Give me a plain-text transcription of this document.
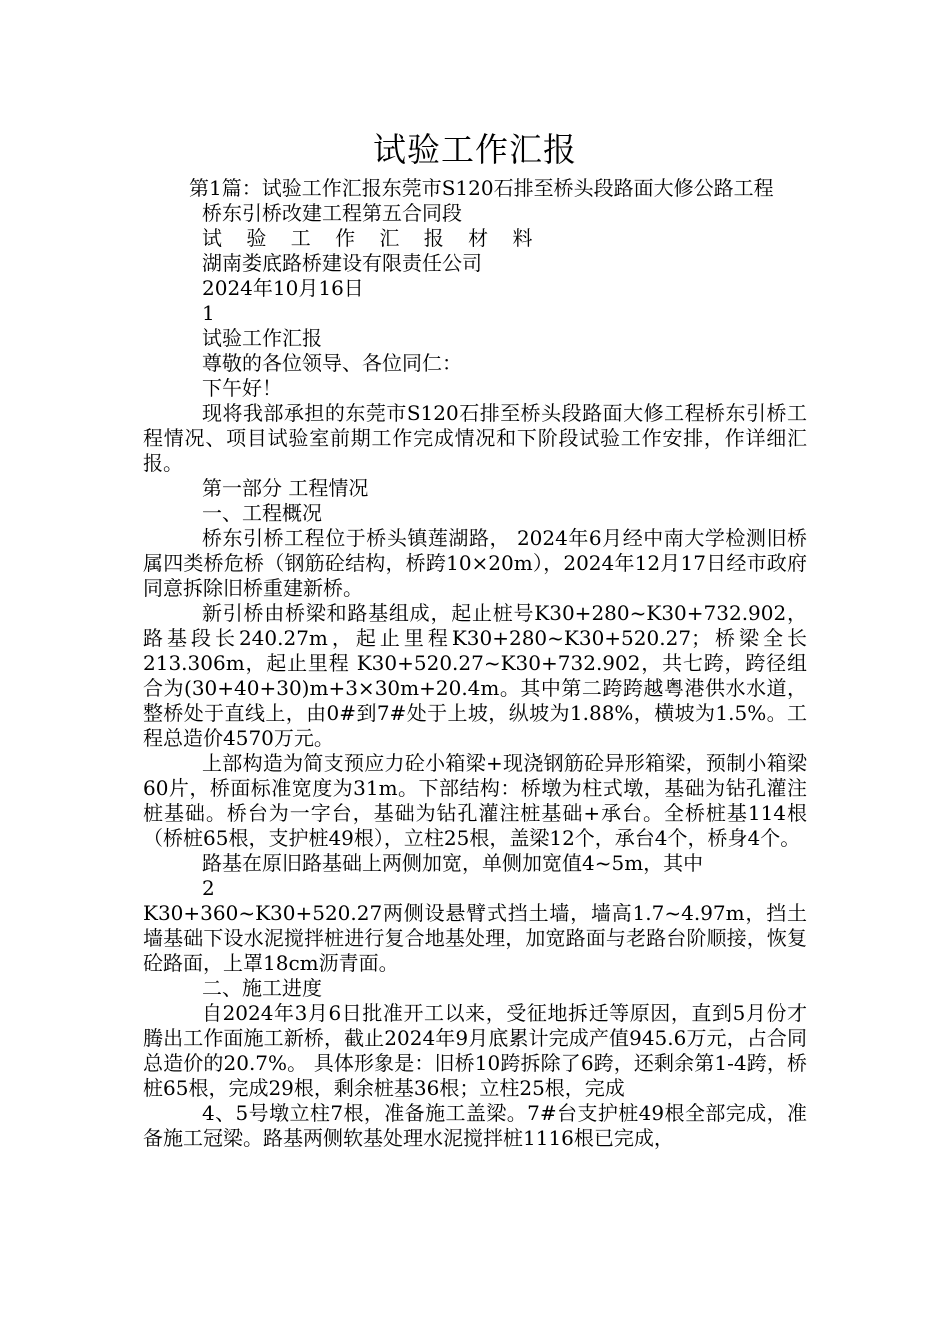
试验工作汇报

第1篇：试验工作汇报东莞市S120石排至桥头段路面大修公路工程

桥东引桥改建工程第五合同段

试 验 工 作 汇 报 材 料

湖南娄底路桥建设有限责任公司

2024年10月16日

1

试验工作汇报

尊敬的各位领导、各位同仁：

下午好！

现将我部承担的东莞市S120石排至桥头段路面大修工程桥东引桥工程情况、项目试验室前期工作完成情况和下阶段试验工作安排，作详细汇报。

第一部分 工程情况

一、工程概况

桥东引桥工程位于桥头镇莲湖路， 2024年6月经中南大学检测旧桥属四类桥危桥（钢筋砼结构，桥跨10×20m），2024年12月17日经市政府同意拆除旧桥重建新桥。

新引桥由桥梁和路基组成，起止桩号K30+280~K30+732.902，路基段长240.27m，起止里程K30+280~K30+520.27；桥梁全长213.306m，起止里程 K30+520.27~K30+732.902，共七跨，跨径组合为(30+40+30)m+3×30m+20.4m。其中第二跨跨越粤港供水水道，整桥处于直线上，由0#到7#处于上坡，纵坡为1.88%，横坡为1.5%。工程总造价4570万元。

上部构造为简支预应力砼小箱梁+现浇钢筋砼异形箱梁，预制小箱梁60片，桥面标准宽度为31m。下部结构：桥墩为柱式墩，基础为钻孔灌注桩基础。桥台为一字台，基础为钻孔灌注桩基础+承台。全桥桩基114根（桥桩65根，支护桩49根），立柱25根，盖梁12个，承台4个，桥身4个。

路基在原旧路基础上两侧加宽，单侧加宽值4~5m，其中

2

K30+360~K30+520.27两侧设悬臂式挡土墙，墙高1.7~4.97m，挡土墙基础下设水泥搅拌桩进行复合地基处理，加宽路面与老路台阶顺接，恢复砼路面，上罩18cm沥青面。

二、施工进度

自2024年3月6日批准开工以来，受征地拆迁等原因，直到5月份才腾出工作面施工新桥，截止2024年9月底累计完成产值945.6万元，占合同总造价的20.7%。 具体形象是：旧桥10跨拆除了6跨，还剩余第1-4跨，桥桩65根，完成29根，剩余桩基36根；立柱25根，完成

4、5号墩立柱7根，准备施工盖梁。7#台支护桩49根全部完成，准备施工冠梁。路基两侧软基处理水泥搅拌桩1116根已完成，
